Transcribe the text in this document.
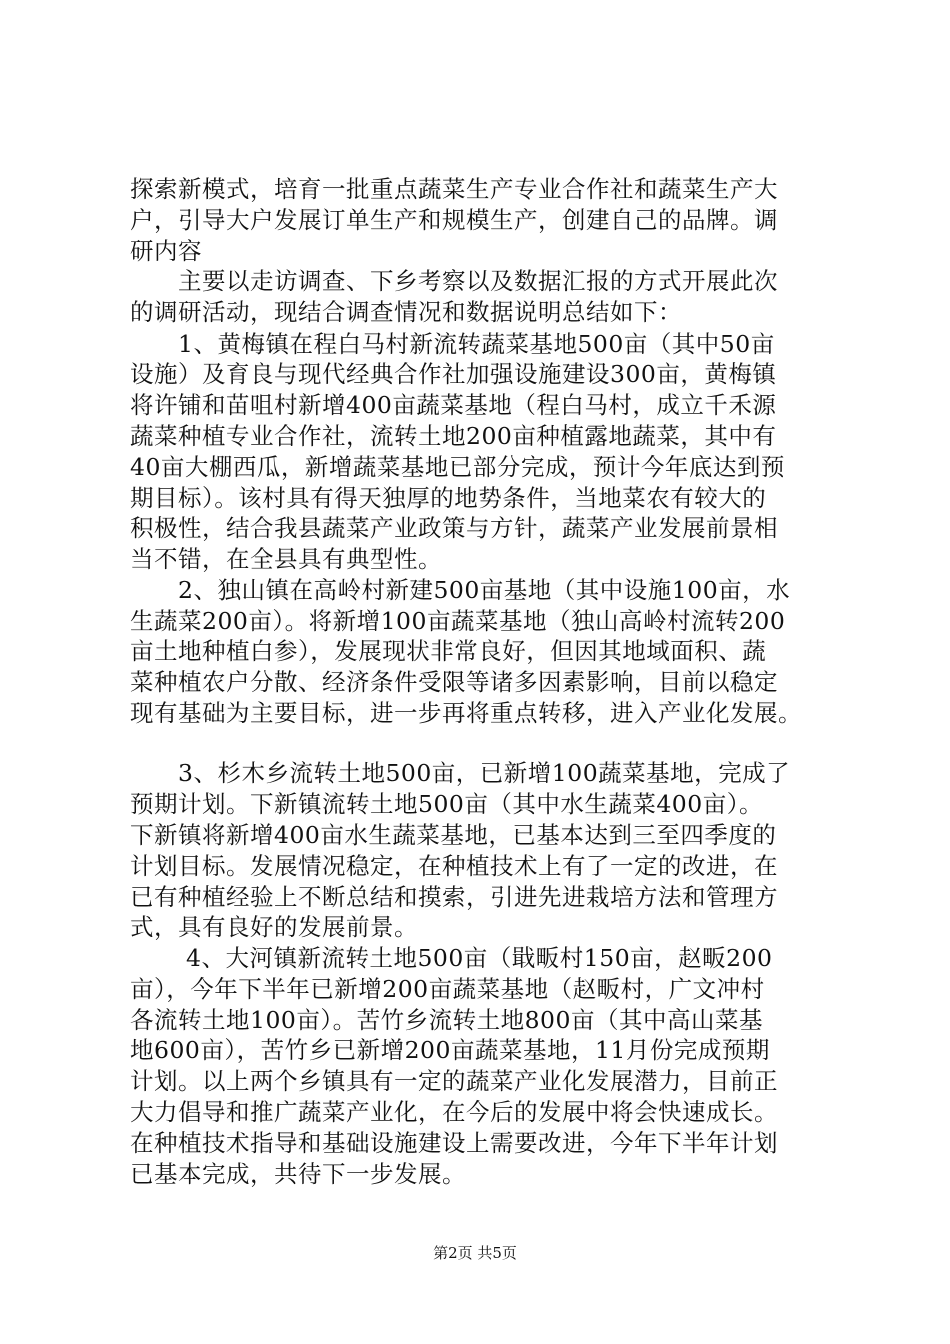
探索新模式，培育一批重点蔬菜生产专业合作社和蔬菜生产大
户，引导大户发展订单生产和规模生产，创建自己的品牌。调
研内容
主要以走访调查、下乡考察以及数据汇报的方式开展此次
的调研活动，现结合调查情况和数据说明总结如下：
1、黄梅镇在程白马村新流转蔬菜基地500亩（其中50亩
设施）及育良与现代经典合作社加强设施建设300亩，黄梅镇
将许铺和苗咀村新增400亩蔬菜基地（程白马村，成立千禾源
蔬菜种植专业合作社，流转土地200亩种植露地蔬菜，其中有
40亩大棚西瓜，新增蔬菜基地已部分完成，预计今年底达到预
期目标）。该村具有得天独厚的地势条件，当地菜农有较大的
积极性，结合我县蔬菜产业政策与方针，蔬菜产业发展前景相
当不错，在全县具有典型性。
2、独山镇在高岭村新建500亩基地（其中设施100亩，水
生蔬菜200亩）。将新增100亩蔬菜基地（独山高岭村流转200
亩土地种植白参），发展现状非常良好，但因其地域面积、蔬
菜种植农户分散、经济条件受限等诸多因素影响，目前以稳定
现有基础为主要目标，进一步再将重点转移，进入产业化发展。
3、杉木乡流转土地500亩，已新增100蔬菜基地，完成了
预期计划。下新镇流转土地500亩（其中水生蔬菜400亩）。
下新镇将新增400亩水生蔬菜基地，已基本达到三至四季度的
计划目标。发展情况稳定，在种植技术上有了一定的改进，在
已有种植经验上不断总结和摸索，引进先进栽培方法和管理方
式，具有良好的发展前景。
4、大河镇新流转土地500亩（戢畈村150亩，赵畈200
亩），今年下半年已新增200亩蔬菜基地（赵畈村，广文冲村
各流转土地100亩）。苦竹乡流转土地800亩（其中高山菜基
地600亩），苦竹乡已新增200亩蔬菜基地，11月份完成预期
计划。以上两个乡镇具有一定的蔬菜产业化发展潜力，目前正
大力倡导和推广蔬菜产业化，在今后的发展中将会快速成长。
在种植技术指导和基础设施建设上需要改进，今年下半年计划
已基本完成，共待下一步发展。
第2页 共5页
